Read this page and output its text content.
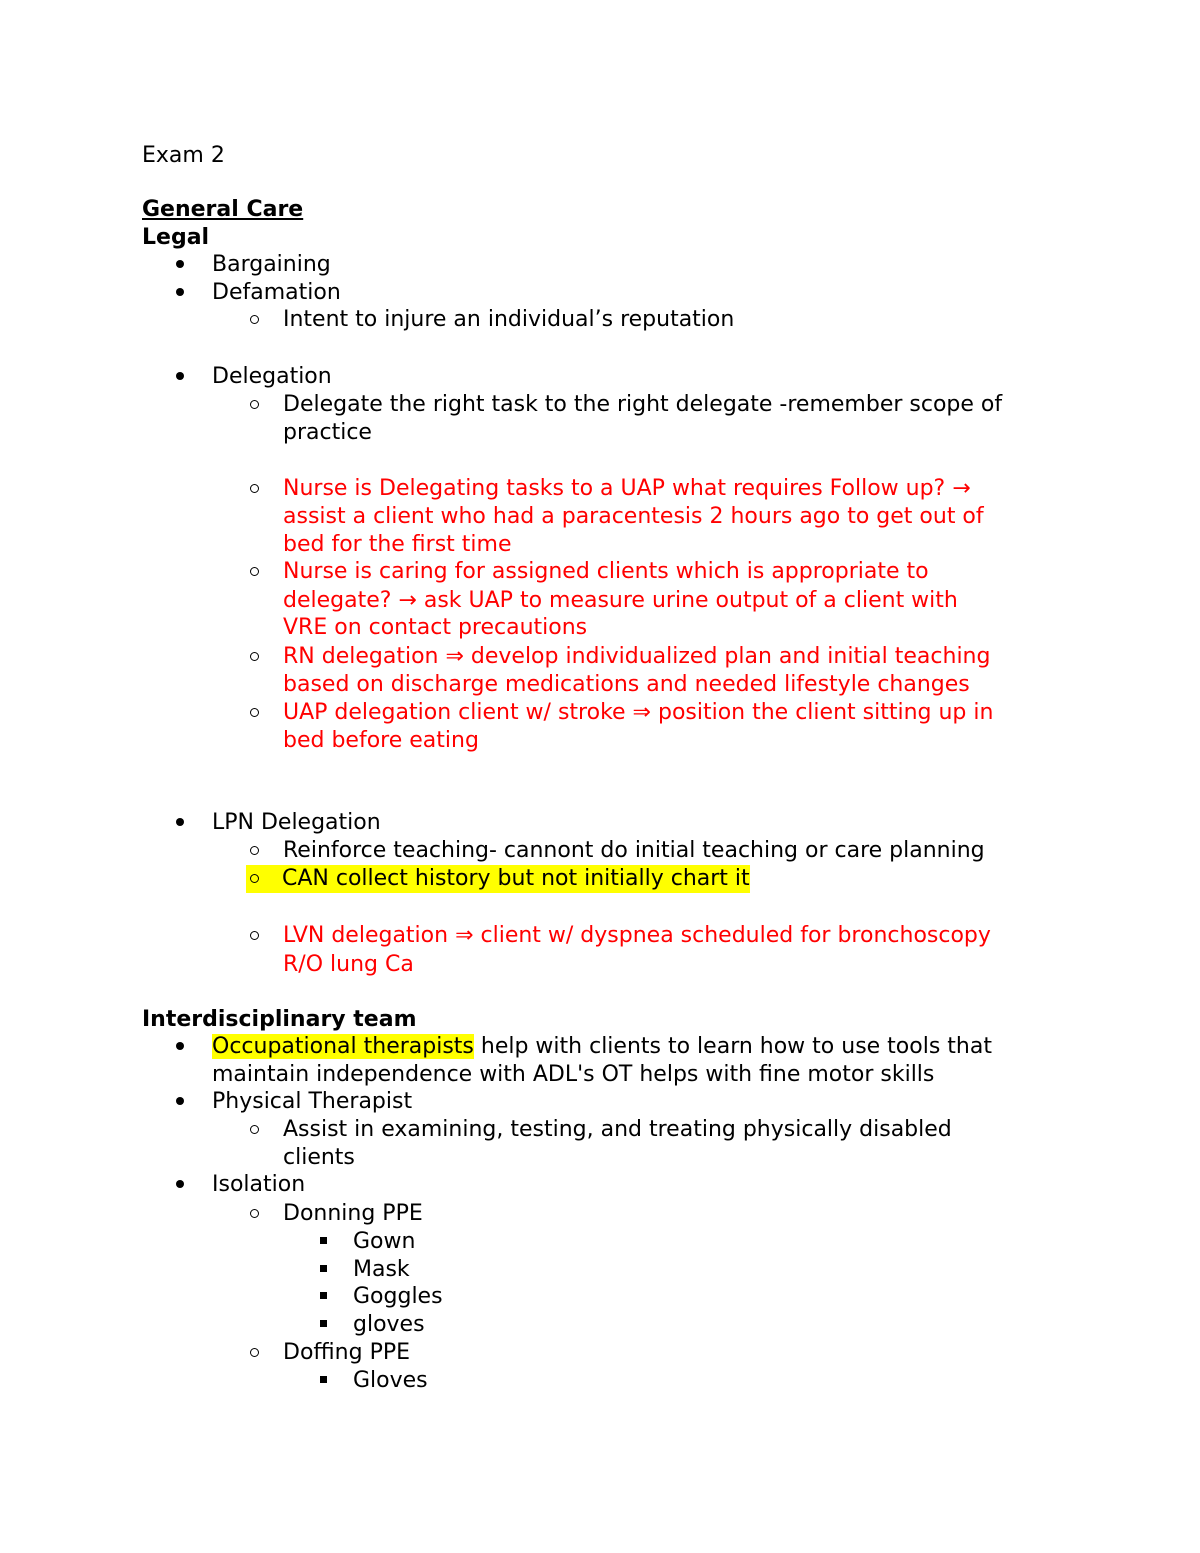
Exam 2
General Care
Legal
Bargaining
Defamation
Intent to injure an individual’s reputation
Delegation
Delegate the right task to the right delegate -remember scope of
practice
Nurse is Delegating tasks to a UAP what requires Follow up? →
assist a client who had a paracentesis 2 hours ago to get out of
bed for the first time
Nurse is caring for assigned clients which is appropriate to
delegate? → ask UAP to measure urine output of a client with
VRE on contact precautions
RN delegation ⇒ develop individualized plan and initial teaching
based on discharge medications and needed lifestyle changes
UAP delegation client w/ stroke ⇒ position the client sitting up in
bed before eating
LPN Delegation
Reinforce teaching- cannont do initial teaching or care planning
CAN collect history but not initially chart it
LVN delegation ⇒ client w/ dyspnea scheduled for bronchoscopy
R/O lung Ca
Interdisciplinary team
Occupational therapists help with clients to learn how to use tools that
maintain independence with ADL's OT helps with fine motor skills
Physical Therapist
Assist in examining, testing, and treating physically disabled
clients
Isolation
Donning PPE
Gown
Mask
Goggles
gloves
Doffing PPE
Gloves
